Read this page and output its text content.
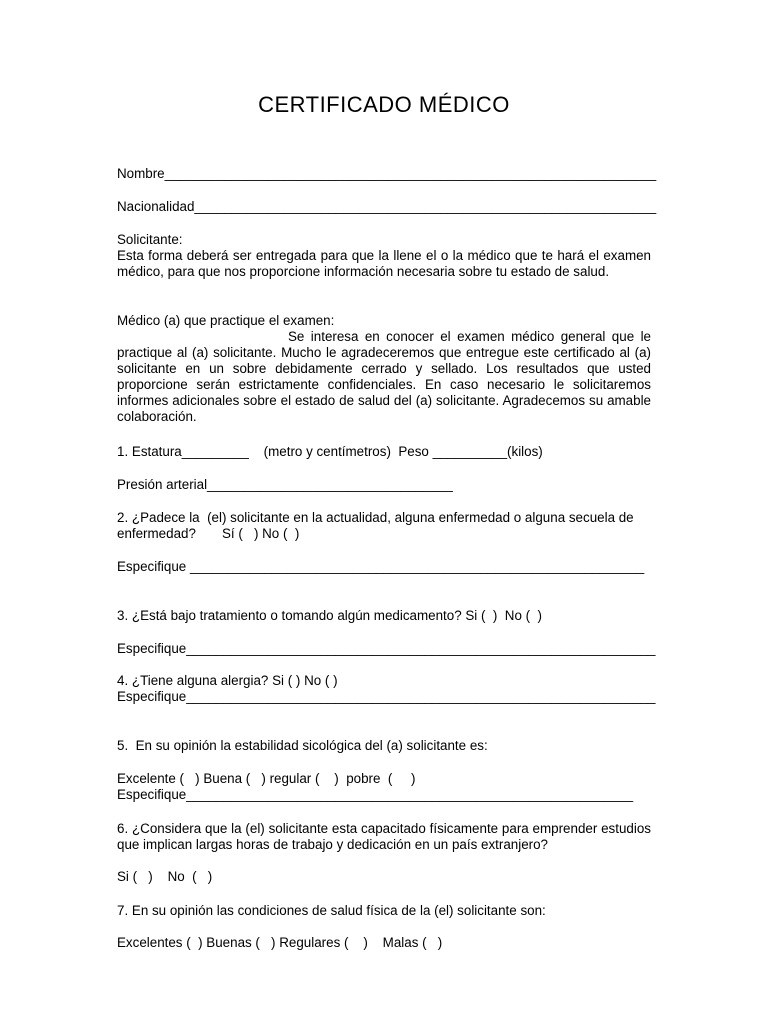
CERTIFICADO MÉDICO
Nombre__________________________________________________________________
Nacionalidad______________________________________________________________
Solicitante:
Esta forma deberá ser entregada para que la llene el o la médico que te hará el examen médico, para que nos proporcione información necesaria sobre tu estado de salud.
Médico (a) que practique el examen:
Se interesa en conocer el examen médico general que le practique al (a) solicitante. Mucho le agradeceremos que entregue este certificado al (a) solicitante en un sobre debidamente cerrado y sellado. Los resultados que usted proporcione serán estrictamente confidenciales. En caso necesario le solicitaremos informes adicionales sobre el estado de salud del (a) solicitante. Agradecemos su amable colaboración.
1. Estatura_________    (metro y centímetros)  Peso __________(kilos)
Presión arterial_________________________________
2. ¿Padece la  (el) solicitante en la actualidad, alguna enfermedad o alguna secuela de
enfermedad?       Sí (   ) No (  )
Especifique _____________________________________________________________
3. ¿Está bajo tratamiento o tomando algún medicamento? Si (  )  No (  )
Especifique_______________________________________________________________
4. ¿Tiene alguna alergia? Si ( ) No ( )
Especifique_______________________________________________________________
5.  En su opinión la estabilidad sicológica del (a) solicitante es:
Excelente (   ) Buena (   ) regular (    )  pobre  (     )
Especifique____________________________________________________________
6. ¿Considera que la (el) solicitante esta capacitado físicamente para emprender estudios que implican largas horas de trabajo y dedicación en un país extranjero?
Si (   )    No  (   )
7. En su opinión las condiciones de salud física de la (el) solicitante son:
Excelentes (  ) Buenas (   ) Regulares (    )    Malas (   )
